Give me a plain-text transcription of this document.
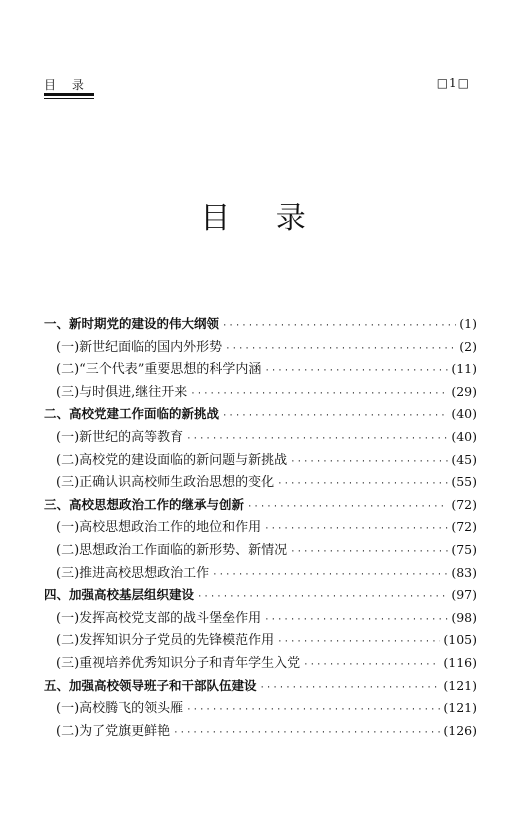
目 录	□1□
目 录
一、新时期党的建设的伟大纲领 ·····	(1)
(一)新世纪面临的国内外形势 ·····	(2)
(二)“三个代表”重要思想的科学内涵 ·····	(11)
(三)与时俱进,继往开来 ·····	(29)
二、高校党建工作面临的新挑战 ·····	(40)
(一)新世纪的高等教育 ·····	(40)
(二)高校党的建设面临的新问题与新挑战 ·····	(45)
(三)正确认识高校师生政治思想的变化 ·····	(55)
三、高校思想政治工作的继承与创新 ·····	(72)
(一)高校思想政治工作的地位和作用 ·····	(72)
(二)思想政治工作面临的新形势、新情况 ·····	(75)
(三)推进高校思想政治工作 ·····	(83)
四、加强高校基层组织建设 ·····	(97)
(一)发挥高校党支部的战斗堡垒作用 ·····	(98)
(二)发挥知识分子党员的先锋模范作用 ·····	(105)
(三)重视培养优秀知识分子和青年学生入党 ·····	(116)
五、加强高校领导班子和干部队伍建设 ·····	(121)
(一)高校腾飞的领头雁 ·····	(121)
(二)为了党旗更鲜艳 ·····	(126)
